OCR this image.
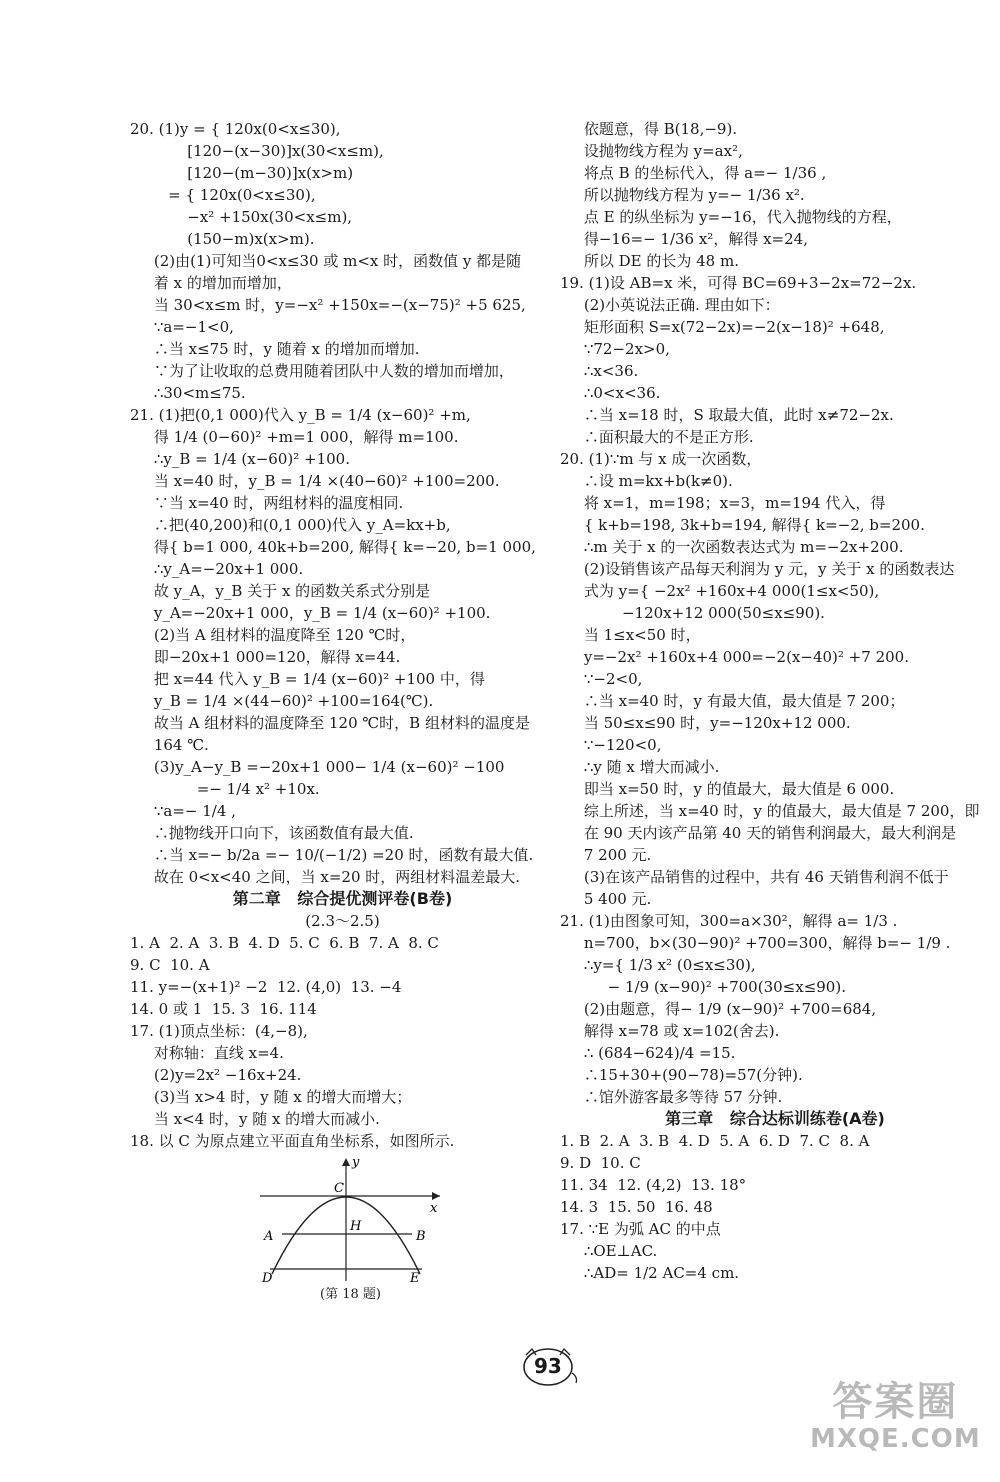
20. (1)y = { 120x(0<x≤30),
[120−(x−30)]x(30<x≤m),
[120−(m−30)]x(x>m)
= { 120x(0<x≤30),
−x² +150x(30<x≤m),
(150−m)x(x>m).
(2)由(1)可知当0<x≤30 或 m<x 时，函数值 y 都是随
着 x 的增加而增加，
当 30<x≤m 时，y=−x² +150x=−(x−75)² +5 625,
∵a=−1<0,
∴当 x≤75 时，y 随着 x 的增加而增加.
∵为了让收取的总费用随着团队中人数的增加而增加，
∴30<m≤75.
21. (1)把(0,1 000)代入 y_B = 1/4 (x−60)² +m,
得 1/4 (0−60)² +m=1 000，解得 m=100.
∴y_B = 1/4 (x−60)² +100.
当 x=40 时，y_B = 1/4 ×(40−60)² +100=200.
∵当 x=40 时，两组材料的温度相同.
∴把(40,200)和(0,1 000)代入 y_A=kx+b,
得{ b=1 000, 40k+b=200, 解得{ k=−20, b=1 000,
∴y_A=−20x+1 000.
故 y_A，y_B 关于 x 的函数关系式分别是
y_A=−20x+1 000，y_B = 1/4 (x−60)² +100.
(2)当 A 组材料的温度降至 120 ℃时，
即−20x+1 000=120，解得 x=44.
把 x=44 代入 y_B = 1/4 (x−60)² +100 中，得
y_B = 1/4 ×(44−60)² +100=164(℃).
故当 A 组材料的温度降至 120 ℃时，B 组材料的温度是
164 ℃.
(3)y_A−y_B =−20x+1 000− 1/4 (x−60)² −100
=− 1/4 x² +10x.
∵a=− 1/4 ,
∴抛物线开口向下，该函数值有最大值.
∴当 x=− b/2a =− 10/(−1/2) =20 时，函数有最大值.
故在 0<x<40 之间，当 x=20 时，两组材料温差最大.
第二章   综合提优测评卷(B卷)
(2.3～2.5)
1. A  2. A  3. B  4. D  5. C  6. B  7. A  8. C
9. C  10. A
11. y=−(x+1)² −2  12. (4,0)  13. −4
14. 0 或 1  15. 3  16. 114
17. (1)顶点坐标：(4,−8),
对称轴：直线 x=4.
(2)y=2x² −16x+24.
(3)当 x>4 时，y 随 x 的增大而增大；
当 x<4 时，y 随 x 的增大而减小.
18. 以 C 为原点建立平面直角坐标系，如图所示.
C
y
x
A
H
B
D	E
(第 18 题)
依题意，得 B(18,−9).
设抛物线方程为 y=ax²,
将点 B 的坐标代入，得 a=− 1/36 ,
所以抛物线方程为 y=− 1/36 x².
点 E 的纵坐标为 y=−16，代入抛物线的方程，
得−16=− 1/36 x²，解得 x=24,
所以 DE 的长为 48 m.
19. (1)设 AB=x 米，可得 BC=69+3−2x=72−2x.
(2)小英说法正确. 理由如下：
矩形面积 S=x(72−2x)=−2(x−18)² +648,
∵72−2x>0,
∴x<36.
∴0<x<36.
∴当 x=18 时，S 取最大值，此时 x≠72−2x.
∴面积最大的不是正方形.
20. (1)∵m 与 x 成一次函数，
∴设 m=kx+b(k≠0).
将 x=1，m=198；x=3，m=194 代入，得
{ k+b=198, 3k+b=194, 解得{ k=−2, b=200.
∴m 关于 x 的一次函数表达式为 m=−2x+200.
(2)设销售该产品每天利润为 y 元，y 关于 x 的函数表达
式为 y={ −2x² +160x+4 000(1≤x<50),
−120x+12 000(50≤x≤90).
当 1≤x<50 时，
y=−2x² +160x+4 000=−2(x−40)² +7 200.
∵−2<0,
∴当 x=40 时，y 有最大值，最大值是 7 200；
当 50≤x≤90 时，y=−120x+12 000.
∵−120<0,
∴y 随 x 增大而减小.
即当 x=50 时，y 的值最大，最大值是 6 000.
综上所述，当 x=40 时，y 的值最大，最大值是 7 200，即
在 90 天内该产品第 40 天的销售利润最大，最大利润是
7 200 元.
(3)在该产品销售的过程中，共有 46 天销售利润不低于
5 400 元.
21. (1)由图象可知，300=a×30²，解得 a= 1/3 .
n=700，b×(30−90)² +700=300，解得 b=− 1/9 .
∴y={ 1/3 x² (0≤x≤30),
− 1/9 (x−90)² +700(30≤x≤90).
(2)由题意，得− 1/9 (x−90)² +700=684,
解得 x=78 或 x=102(舍去).
∴ (684−624)/4 =15.
∴15+30+(90−78)=57(分钟).
∴馆外游客最多等待 57 分钟.
第三章   综合达标训练卷(A卷)
1. B  2. A  3. B  4. D  5. A  6. D  7. C  8. A
9. D  10. C
11. 34  12. (4,2)  13. 18°
14. 3  15. 50  16. 48
17. ∵E 为弧 AC 的中点
∴OE⊥AC.
∴AD= 1/2 AC=4 cm.
93
答案圈
MXQE.COM
